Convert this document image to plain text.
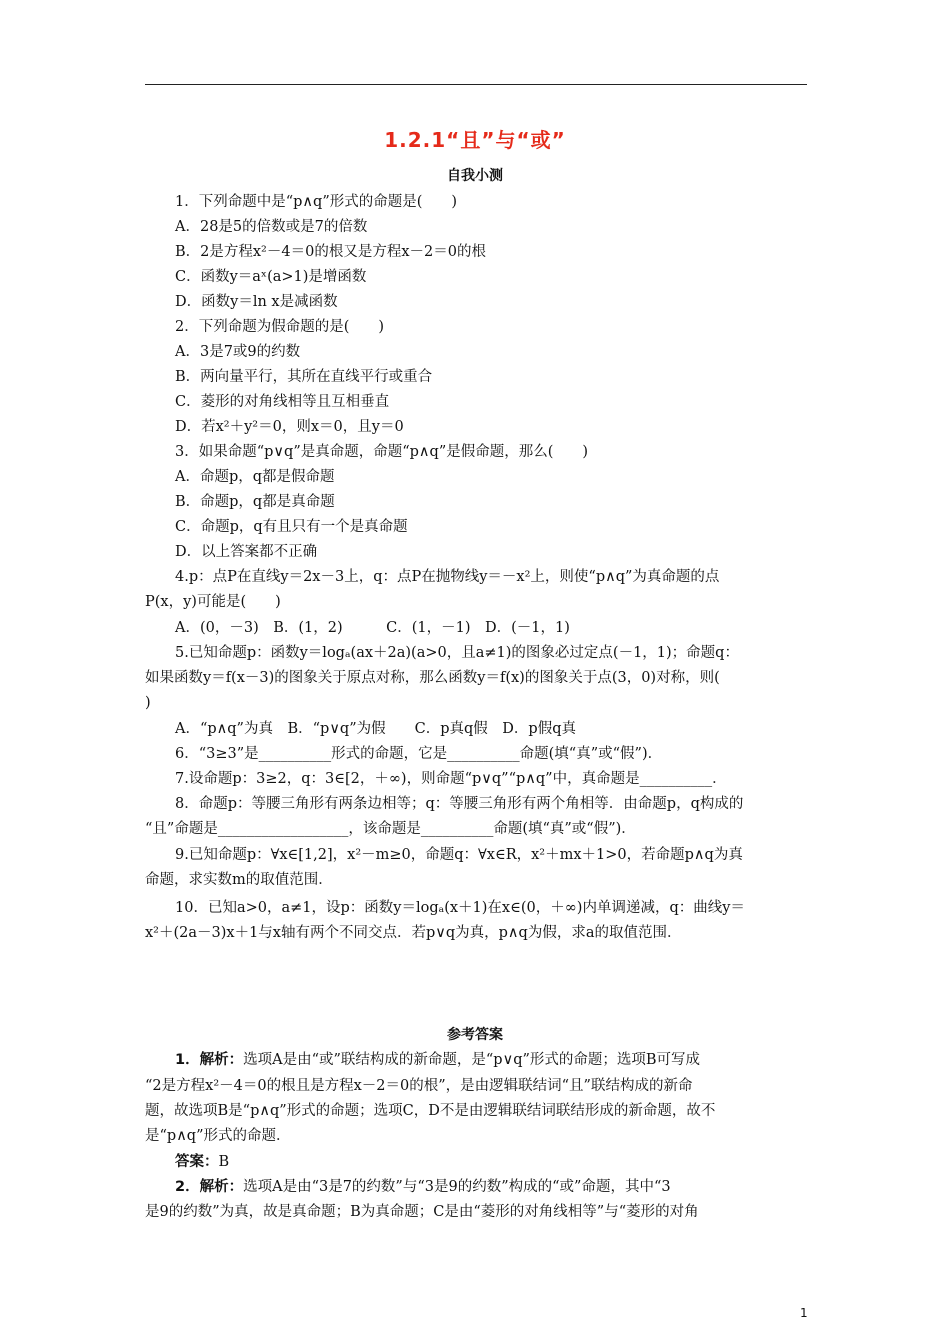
1.2.1“且”与“或”
自我小测
1．下列命题中是“p∧q”形式的命题是(　　)
A．28是5的倍数或是7的倍数
B．2是方程x²－4＝0的根又是方程x－2＝0的根
C．函数y＝aˣ(a>1)是增函数
D．函数y＝ln x是减函数
2．下列命题为假命题的是(　　)
A．3是7或9的约数
B．两向量平行，其所在直线平行或重合
C．菱形的对角线相等且互相垂直
D．若x²＋y²＝0，则x＝0，且y＝0
3．如果命题“p∨q”是真命题，命题“p∧q”是假命题，那么(　　)
A．命题p，q都是假命题
B．命题p，q都是真命题
C．命题p，q有且只有一个是真命题
D．以上答案都不正确
4.p：点P在直线y＝2x－3上，q：点P在抛物线y＝－x²上，则使“p∧q”为真命题的点
P(x，y)可能是(　　)
A．(0，－3)　B．(1，2)　　　C．(1，－1)　D．(－1，1)
5.已知命题p：函数y＝logₐ(ax＋2a)(a>0，且a≠1)的图象必过定点(－1，1)；命题q：
如果函数y＝f(x－3)的图象关于原点对称，那么函数y＝f(x)的图象关于点(3，0)对称，则(
)
A．“p∧q”为真　B．“p∨q”为假　　C．p真q假　D．p假q真
6．“3≥3”是__________形式的命题，它是__________命题(填“真”或“假”)．
7.设命题p：3≥2，q：3∈[2，＋∞)，则命题“p∨q”“p∧q”中，真命题是__________．
8．命题p：等腰三角形有两条边相等；q：等腰三角形有两个角相等．由命题p，q构成的
“且”命题是__________________，该命题是__________命题(填“真”或“假”)．
9.已知命题p：∀x∈[1,2]，x²－m≥0，命题q：∀x∈R，x²＋mx＋1>0，若命题p∧q为真
命题，求实数m的取值范围．
10．已知a>0，a≠1，设p：函数y＝logₐ(x＋1)在x∈(0，＋∞)内单调递减，q：曲线y＝
x²＋(2a－3)x＋1与x轴有两个不同交点．若p∨q为真，p∧q为假，求a的取值范围．
参考答案
1．解析：选项A是由“或”联结构成的新命题，是“p∨q”形式的命题；选项B可写成
“2是方程x²－4＝0的根且是方程x－2＝0的根”，是由逻辑联结词“且”联结构成的新命
题，故选项B是“p∧q”形式的命题；选项C，D不是由逻辑联结词联结形成的新命题，故不
是“p∧q”形式的命题．
答案：B
2．解析：选项A是由“3是7的约数”与“3是9的约数”构成的“或”命题，其中“3
是9的约数”为真，故是真命题；B为真命题；C是由“菱形的对角线相等”与“菱形的对角
1
